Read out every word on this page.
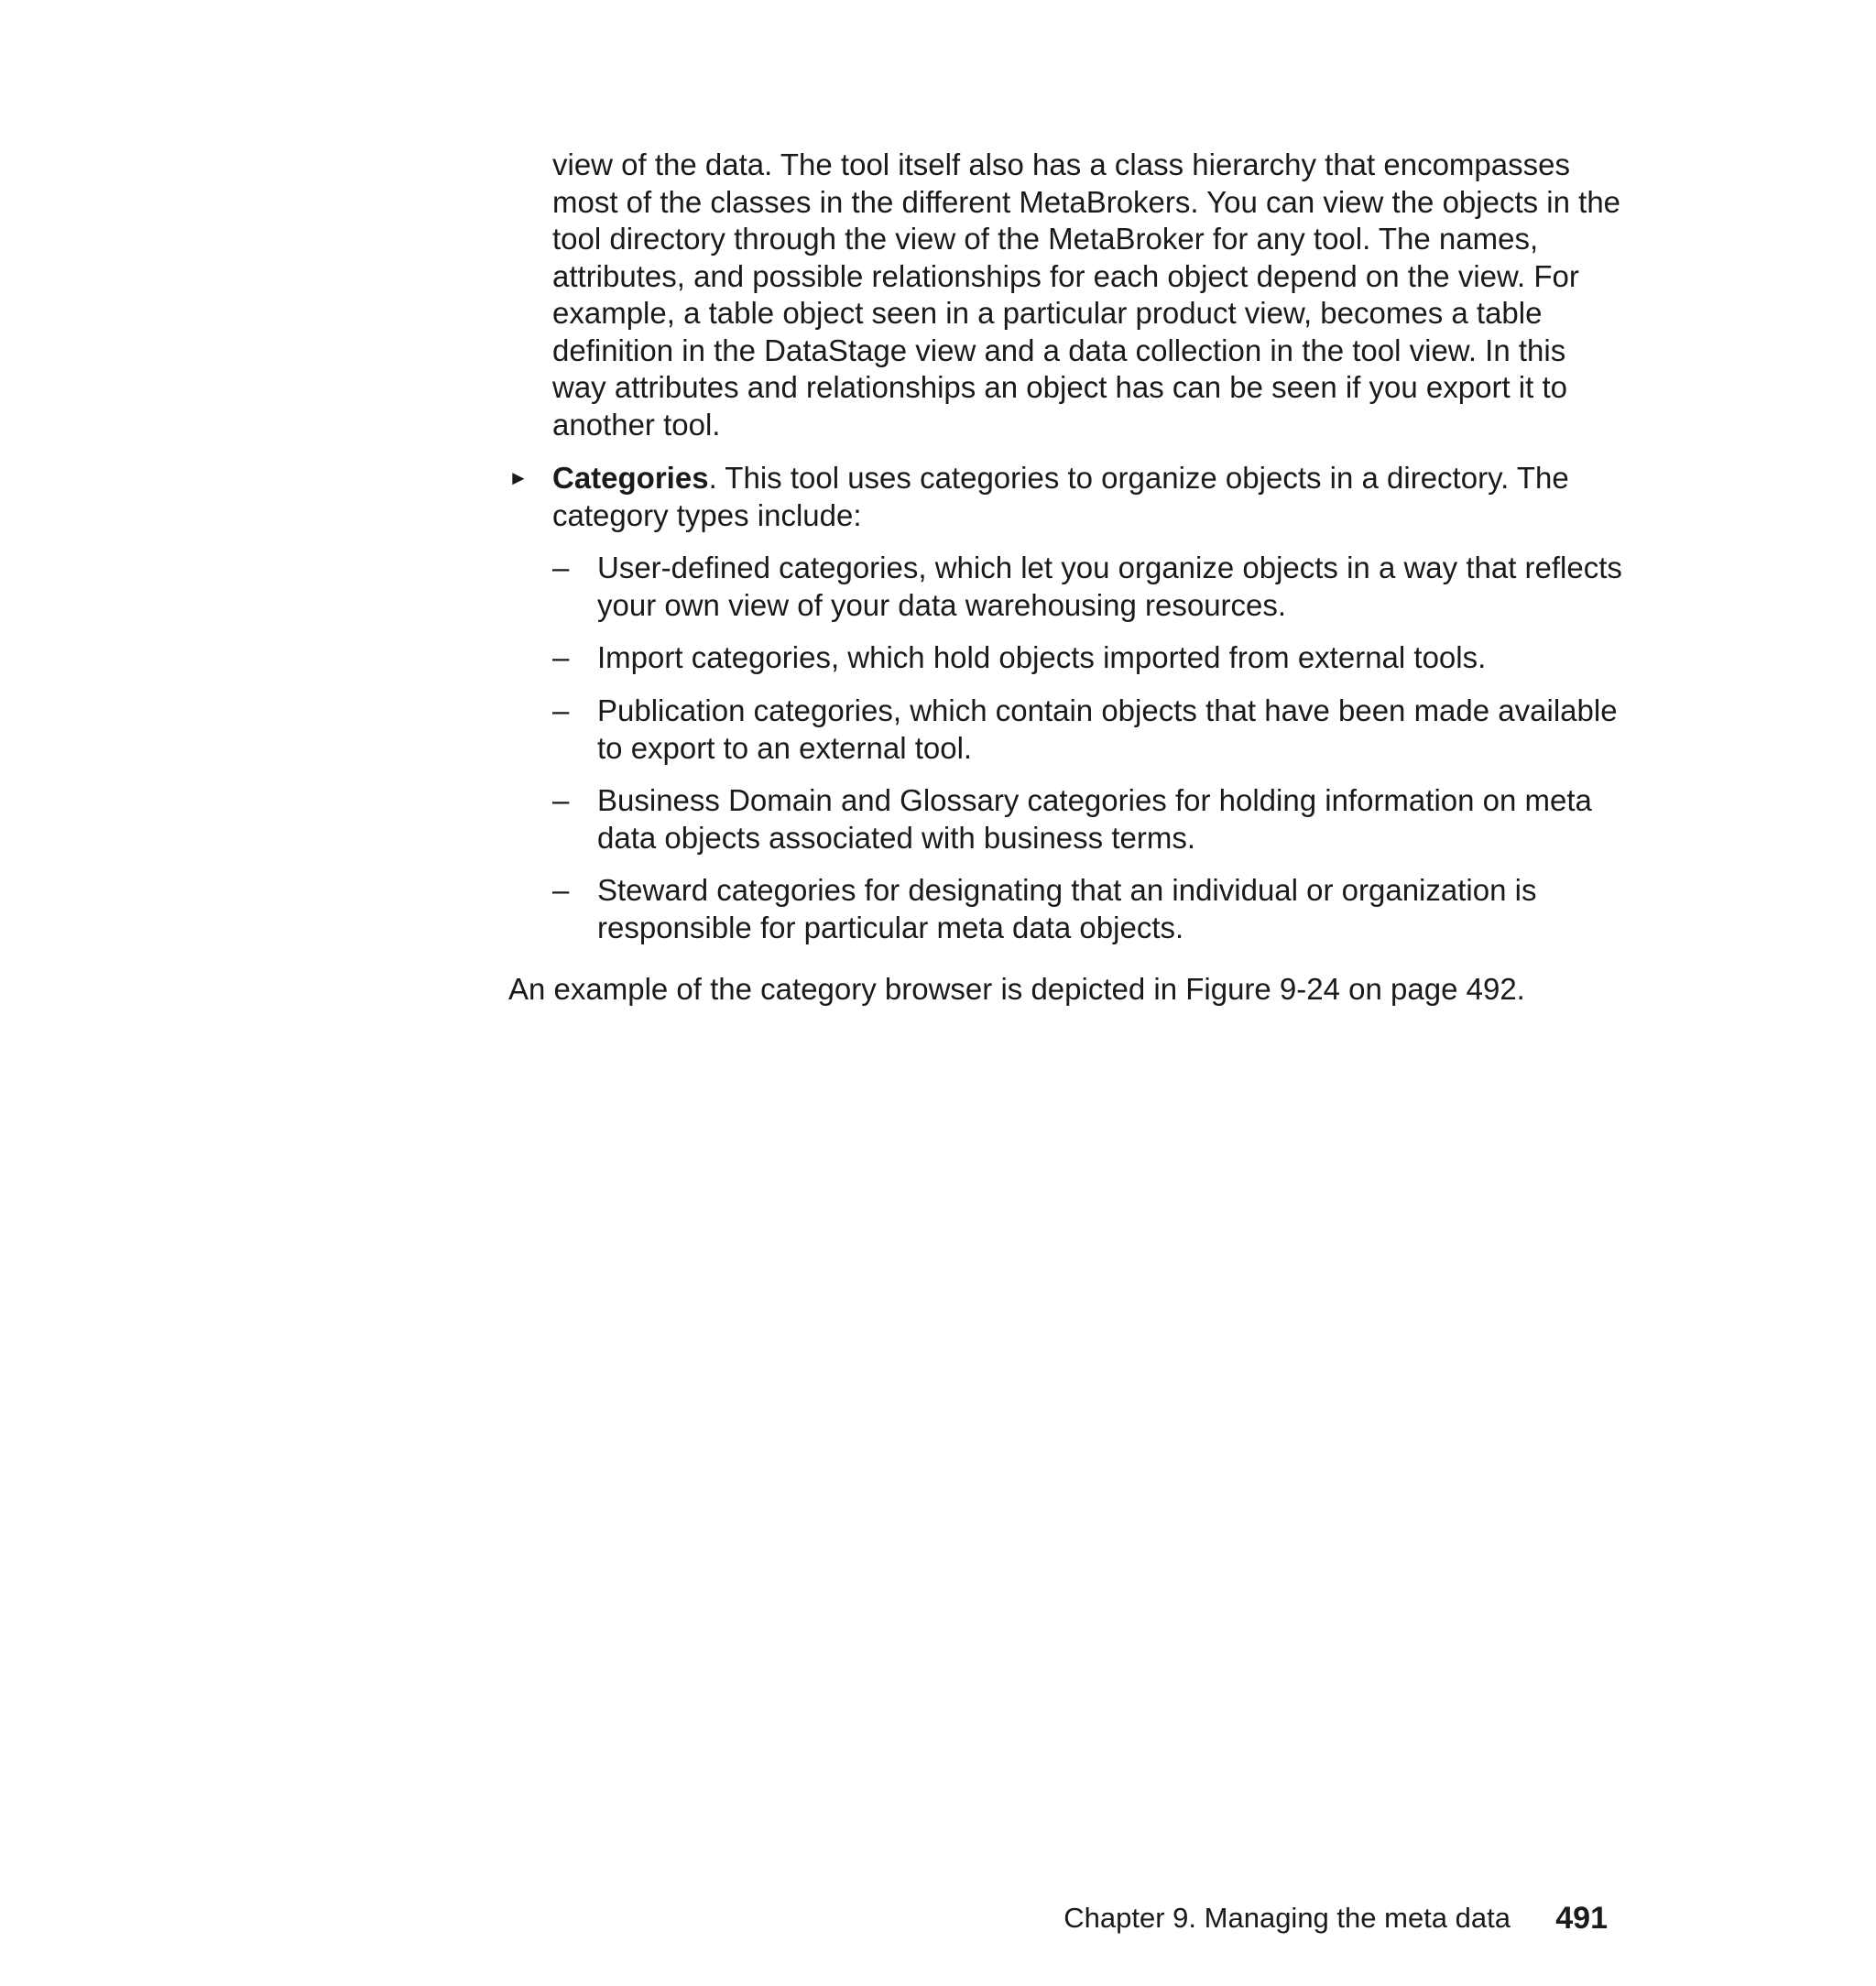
view of the data. The tool itself also has a class hierarchy that encompasses most of the classes in the different MetaBrokers. You can view the objects in the tool directory through the view of the MetaBroker for any tool. The names, attributes, and possible relationships for each object depend on the view. For example, a table object seen in a particular product view, becomes a table definition in the DataStage view and a data collection in the tool view. In this way attributes and relationships an object has can be seen if you export it to another tool.

► Categories. This tool uses categories to organize objects in a directory. The category types include:
– User-defined categories, which let you organize objects in a way that reflects your own view of your data warehousing resources.
– Import categories, which hold objects imported from external tools.
– Publication categories, which contain objects that have been made available to export to an external tool.
– Business Domain and Glossary categories for holding information on meta data objects associated with business terms.
– Steward categories for designating that an individual or organization is responsible for particular meta data objects.

An example of the category browser is depicted in Figure 9-24 on page 492.

Chapter 9. Managing the meta data 491
